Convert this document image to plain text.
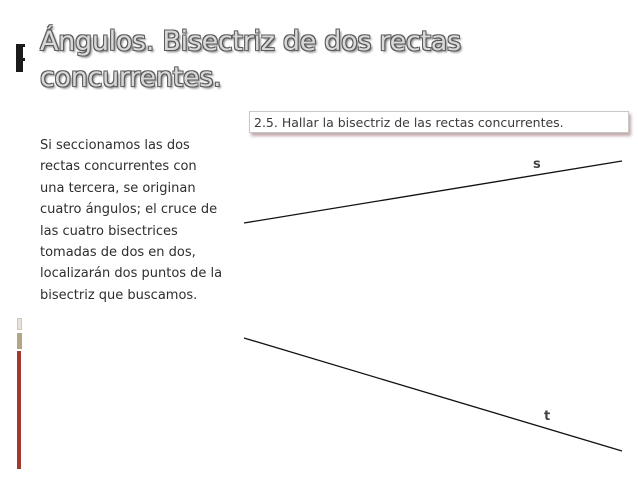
Ángulos. Bisectriz de dos rectas
concurrentes.
Si seccionamos las dos
rectas concurrentes con
una tercera, se originan
cuatro ángulos; el cruce de
las cuatro bisectrices
tomadas de dos en dos,
localizarán dos puntos de la
bisectriz que buscamos.
2.5. Hallar la bisectriz de las rectas concurrentes.
s
t
